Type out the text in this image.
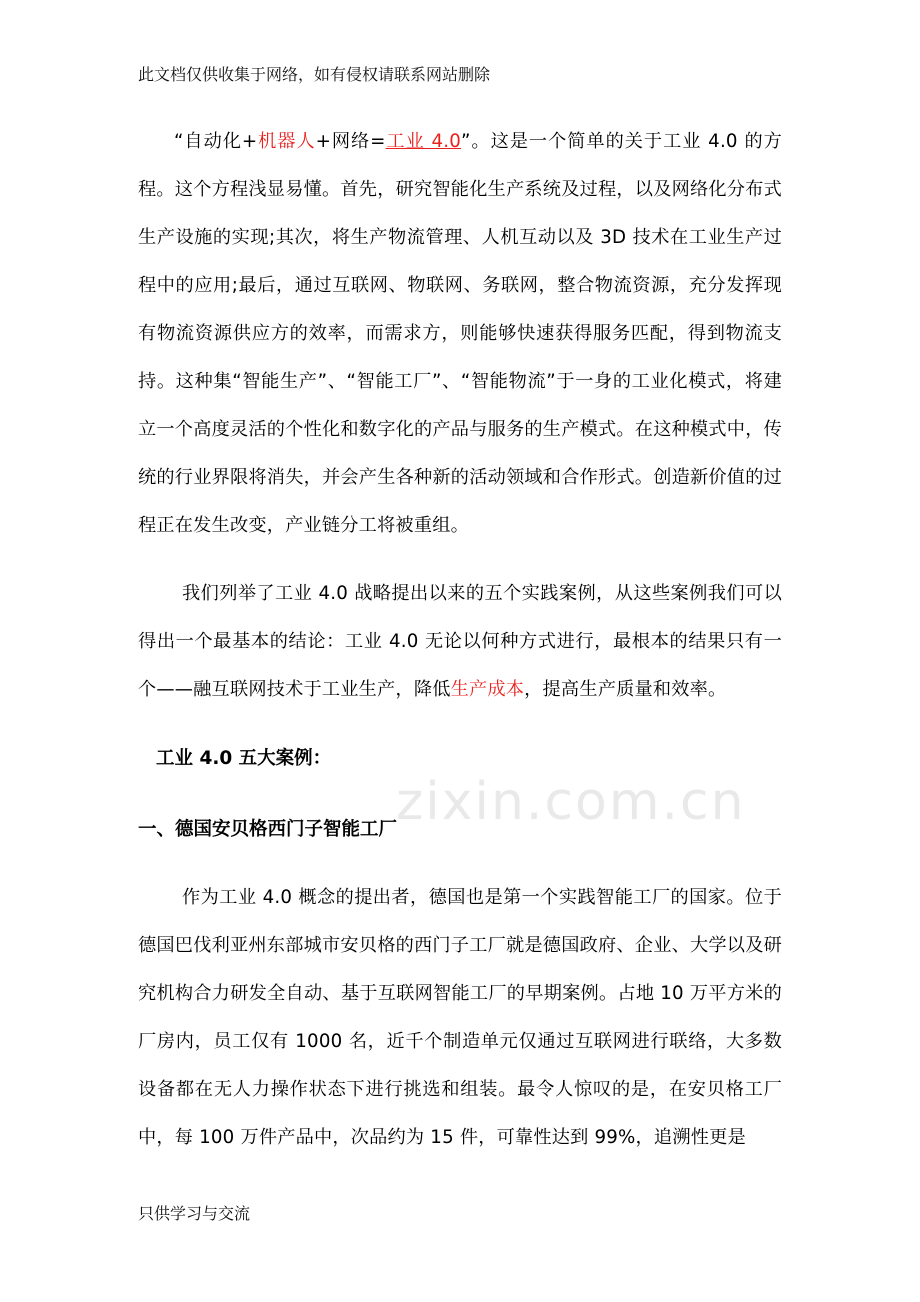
此文档仅供收集于网络，如有侵权请联系网站删除
zixin.com.cn

“自动化+机器人+网络=工业 4.0”。这是一个简单的关于工业 4.0 的方程。这个方程浅显易懂。首先，研究智能化生产系统及过程，以及网络化分布式生产设施的实现;其次，将生产物流管理、人机互动以及 3D 技术在工业生产过程中的应用;最后，通过互联网、物联网、务联网，整合物流资源，充分发挥现有物流资源供应方的效率，而需求方，则能够快速获得服务匹配，得到物流支持。这种集“智能生产”、“智能工厂”、“智能物流”于一身的工业化模式，将建立一个高度灵活的个性化和数字化的产品与服务的生产模式。在这种模式中，传统的行业界限将消失，并会产生各种新的活动领域和合作形式。创造新价值的过程正在发生改变，产业链分工将被重组。

我们列举了工业 4.0 战略提出以来的五个实践案例，从这些案例我们可以得出一个最基本的结论：工业 4.0 无论以何种方式进行，最根本的结果只有一个——融互联网技术于工业生产，降低生产成本，提高生产质量和效率。

工业 4.0 五大案例：
一、德国安贝格西门子智能工厂

作为工业 4.0 概念的提出者，德国也是第一个实践智能工厂的国家。位于德国巴伐利亚州东部城市安贝格的西门子工厂就是德国政府、企业、大学以及研究机构合力研发全自动、基于互联网智能工厂的早期案例。占地 10 万平方米的厂房内，员工仅有 1000 名，近千个制造单元仅通过互联网进行联络，大多数设备都在无人力操作状态下进行挑选和组装。最令人惊叹的是，在安贝格工厂中，每 100 万件产品中，次品约为 15 件，可靠性达到 99%，追溯性更是

只供学习与交流
